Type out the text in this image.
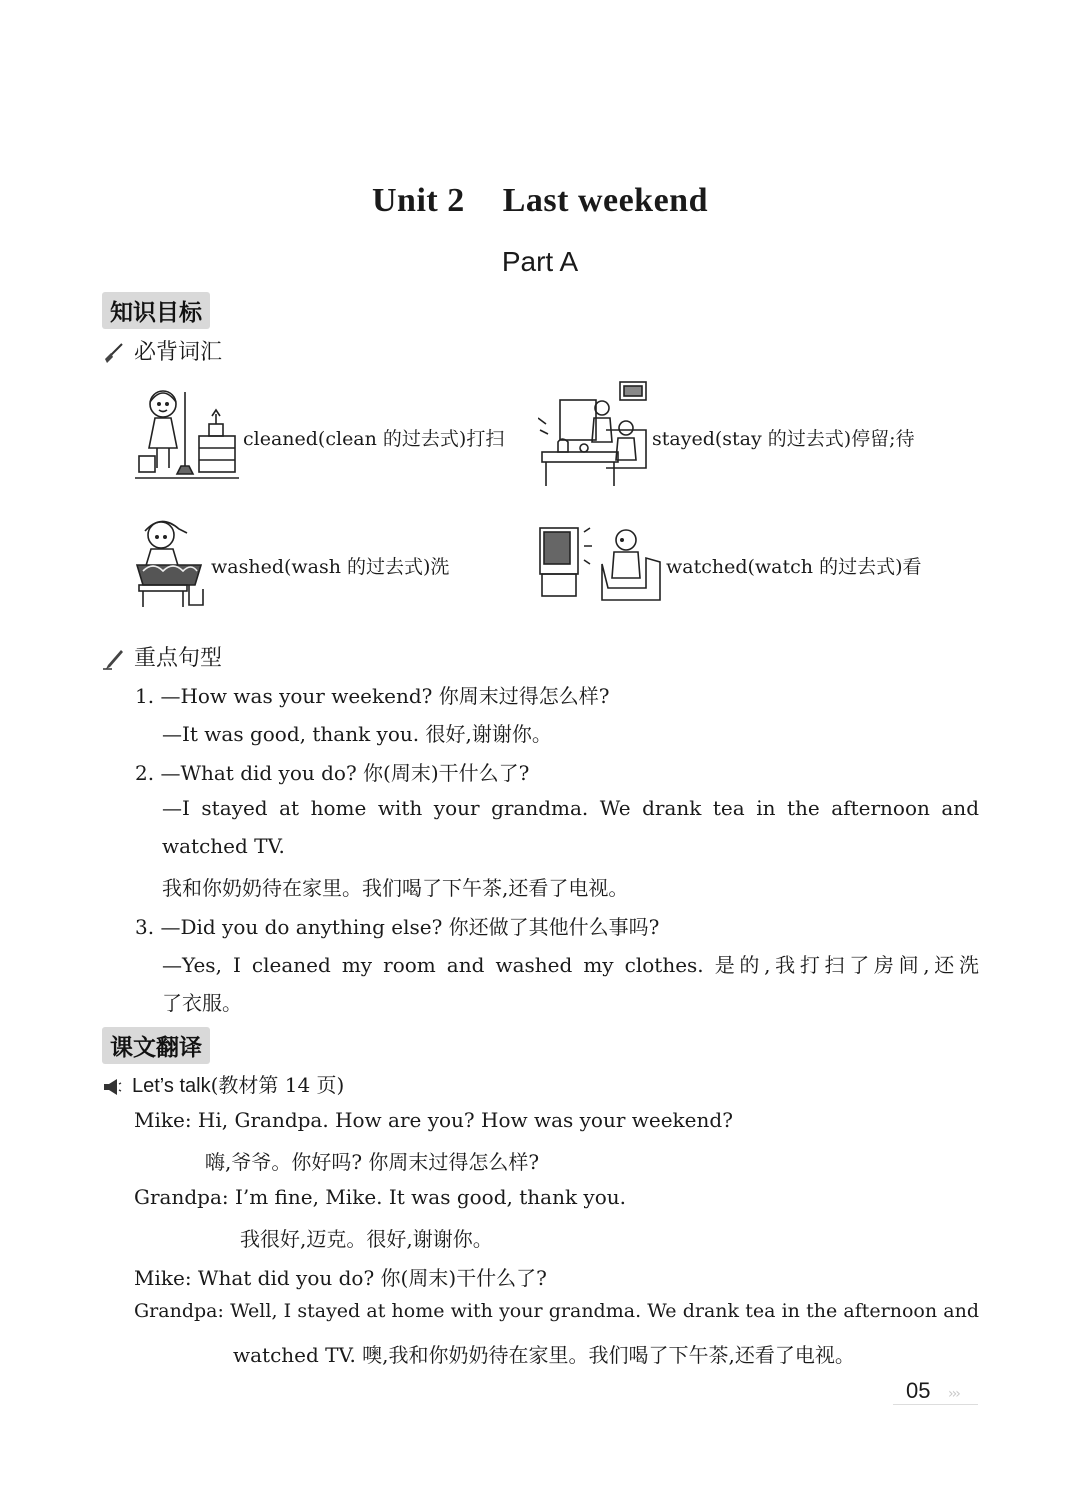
Unit 2 Last weekend
Part A
知识目标
必背词汇
cleaned(clean 的过去式)打扫	stayed(stay 的过去式)停留;待
washed(wash 的过去式)洗	watched(watch 的过去式)看
重点句型
1. —How was your weekend? 你周末过得怎么样?
—It was good, thank you. 很好,谢谢你。
2. —What did you do? 你(周末)干什么了?
—I stayed at home with your grandma. We drank tea in the afternoon and
watched TV.
我和你奶奶待在家里。我们喝了下午茶,还看了电视。
3. —Did you do anything else? 你还做了其他什么事吗?
—Yes, I cleaned my room and washed my clothes. 是的,我打扫了房间,还洗
了衣服。
课文翻译
Let’s talk(教材第 14 页)
Mike: Hi, Grandpa. How are you? How was your weekend?
嗨,爷爷。你好吗? 你周末过得怎么样?
Grandpa: I’m fine, Mike. It was good, thank you.
我很好,迈克。很好,谢谢你。
Mike: What did you do? 你(周末)干什么了?
Grandpa: Well, I stayed at home with your grandma. We drank tea in the afternoon and
watched TV. 噢,我和你奶奶待在家里。我们喝了下午茶,还看了电视。
05 ›››
